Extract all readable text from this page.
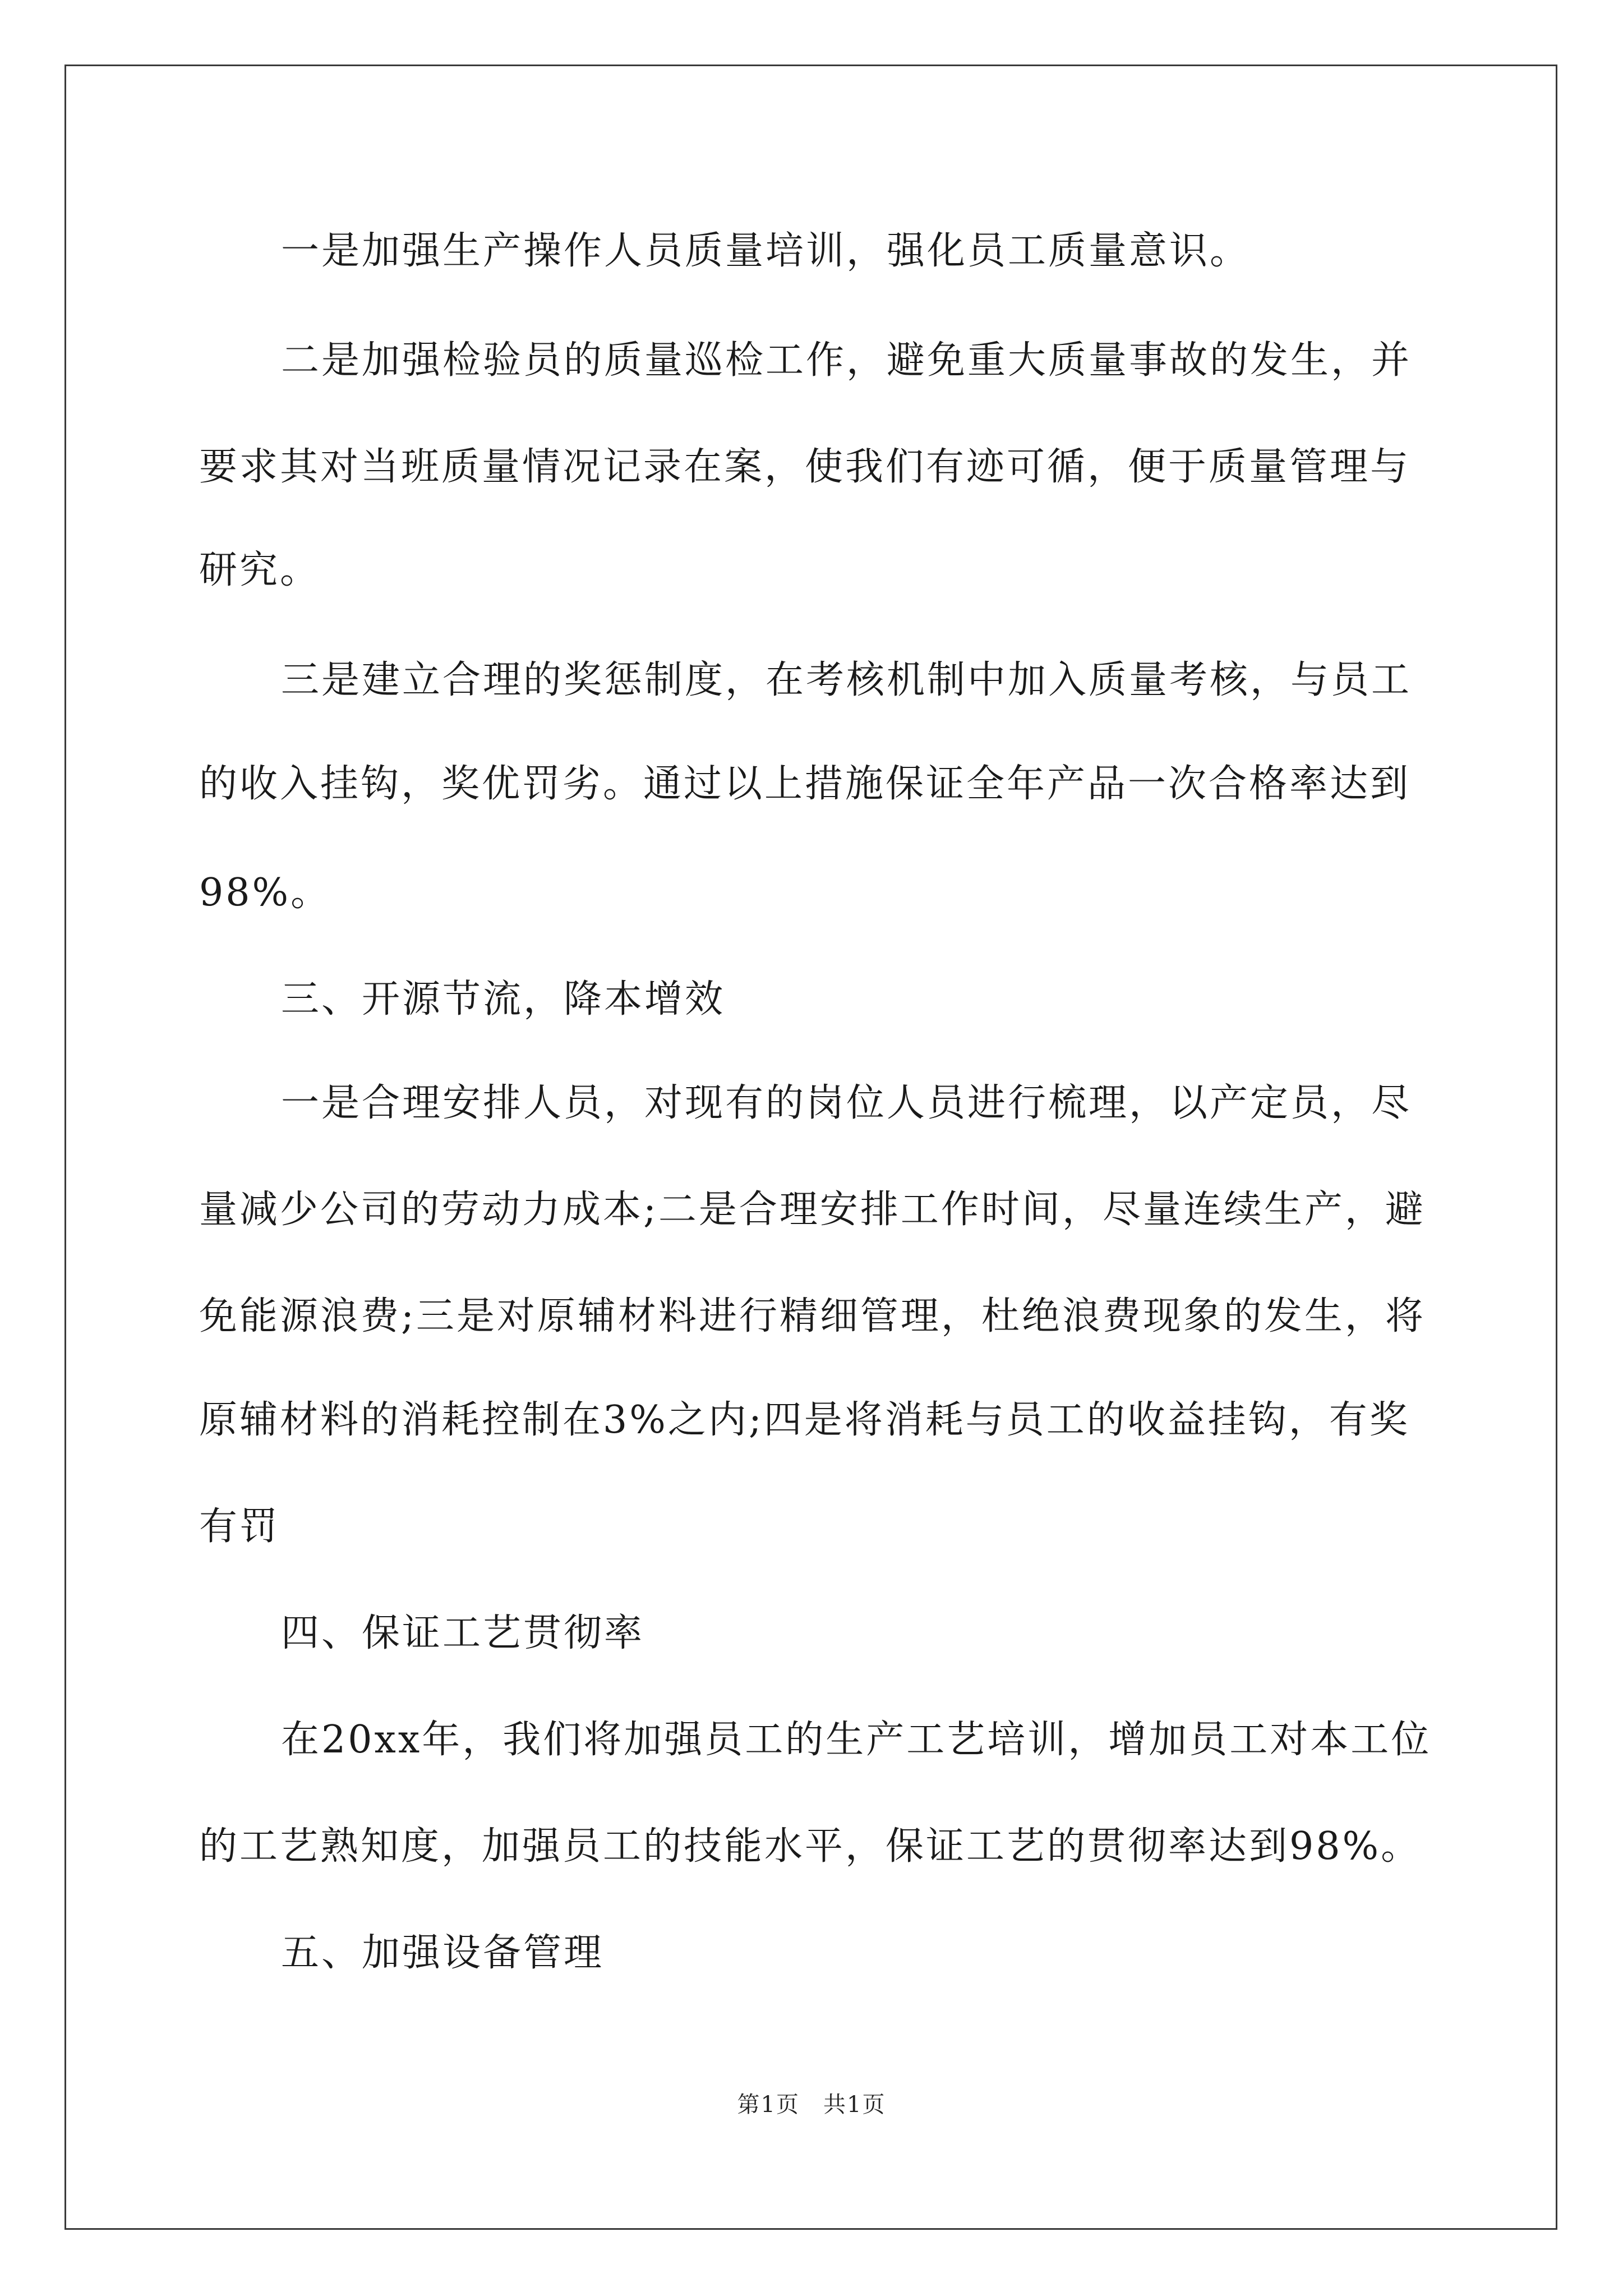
一是加强生产操作人员质量培训，强化员工质量意识。
二是加强检验员的质量巡检工作，避免重大质量事故的发生，并
要求其对当班质量情况记录在案，使我们有迹可循，便于质量管理与
研究。
三是建立合理的奖惩制度，在考核机制中加入质量考核，与员工
的收入挂钩，奖优罚劣。通过以上措施保证全年产品一次合格率达到
98%。
三、开源节流，降本增效
一是合理安排人员，对现有的岗位人员进行梳理，以产定员，尽
量减少公司的劳动力成本;二是合理安排工作时间，尽量连续生产，避
免能源浪费;三是对原辅材料进行精细管理，杜绝浪费现象的发生，将
原辅材料的消耗控制在3%之内;四是将消耗与员工的收益挂钩，有奖
有罚
四、保证工艺贯彻率
在20xx年，我们将加强员工的生产工艺培训，增加员工对本工位
的工艺熟知度，加强员工的技能水平，保证工艺的贯彻率达到98%。
五、加强设备管理
第1页　共1页
